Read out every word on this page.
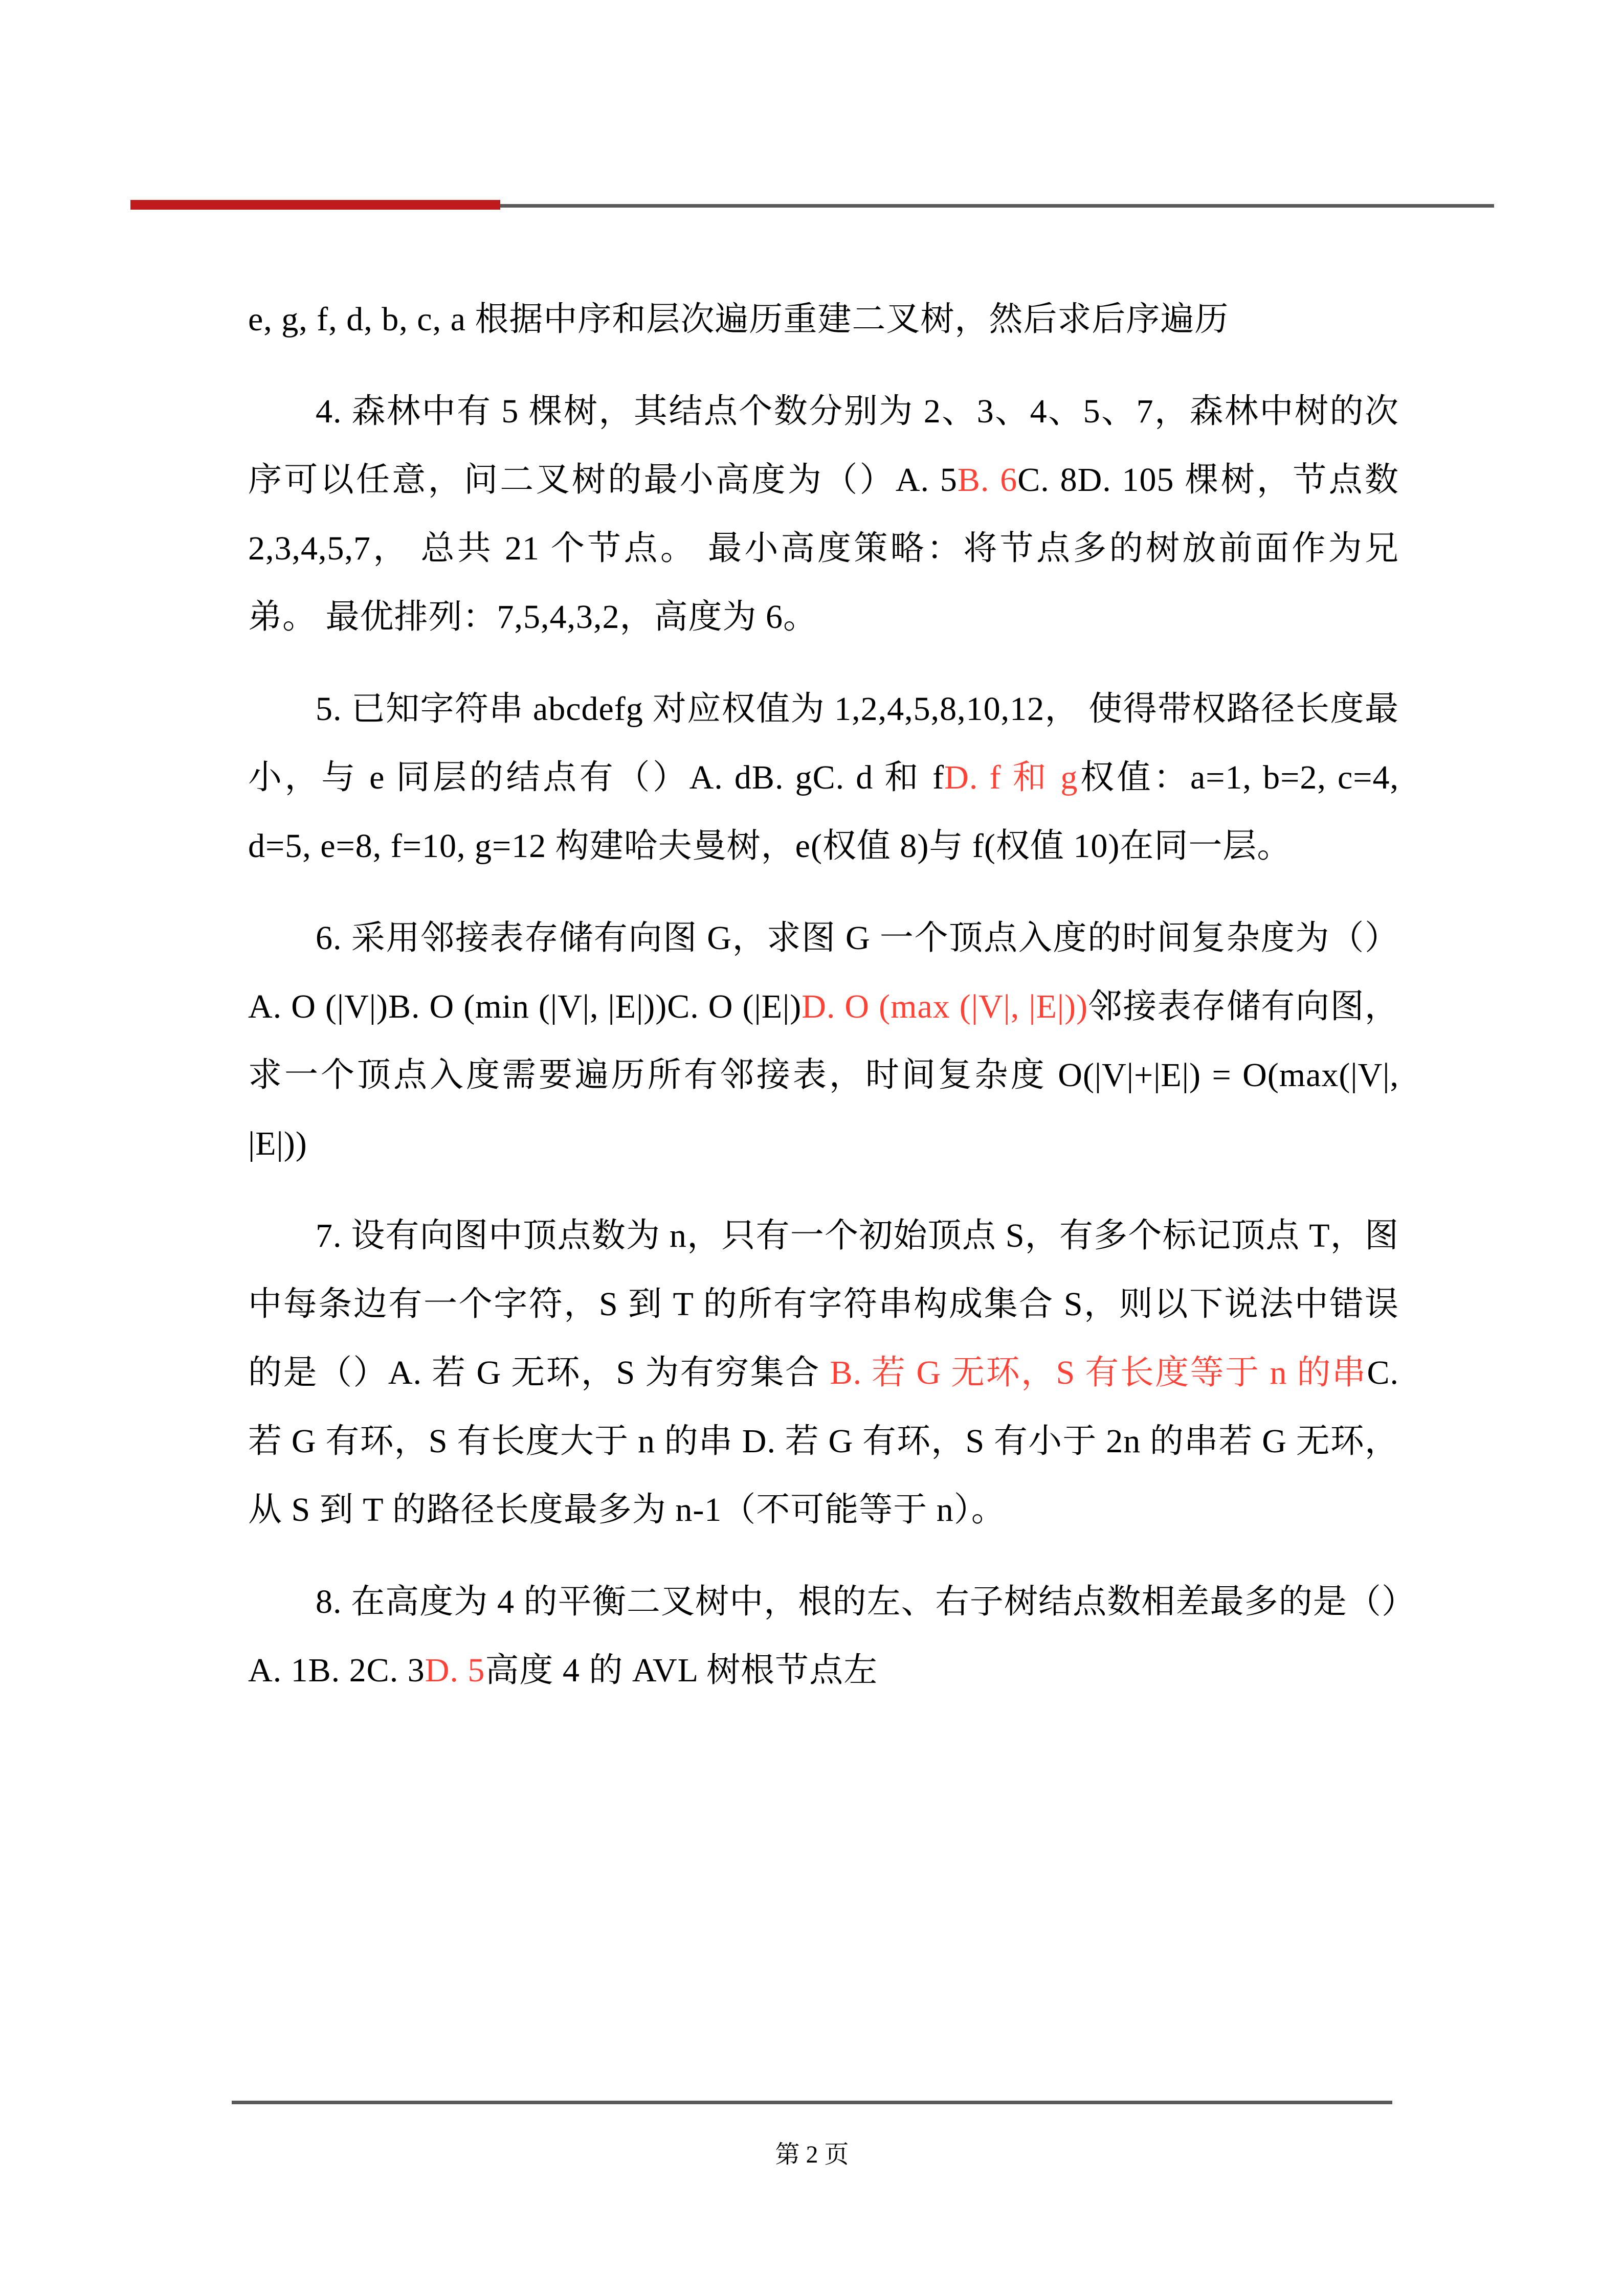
e, g, f, d, b, c, a 根据中序和层次遍历重建二叉树，然后求后序遍历

4. 森林中有 5 棵树，其结点个数分别为 2、3、4、5、7，森林中树的次序可以任意，问二叉树的最小高度为（）A. 5B. 6C. 8D. 105 棵树，节点数 2,3,4,5,7， 总共 21 个节点。 最小高度策略：将节点多的树放前面作为兄弟。 最优排列：7,5,4,3,2，高度为 6。

5. 已知字符串 abcdefg 对应权值为 1,2,4,5,8,10,12， 使得带权路径长度最小，与 e 同层的结点有（）A. dB. gC. d 和 fD. f 和 g权值：a=1, b=2, c=4, d=5, e=8, f=10, g=12 构建哈夫曼树，e(权值 8)与 f(权值 10)在同一层。

6. 采用邻接表存储有向图 G，求图 G 一个顶点入度的时间复杂度为（）A. O (|V|)B. O (min (|V|, |E|))C. O (|E|)D. O (max (|V|, |E|))邻接表存储有向图，求一个顶点入度需要遍历所有邻接表，时间复杂度 O(|V|+|E|) = O(max(|V|, |E|))

7. 设有向图中顶点数为 n，只有一个初始顶点 S，有多个标记顶点 T，图中每条边有一个字符，S 到 T 的所有字符串构成集合 S，则以下说法中错误的是（）A. 若 G 无环，S 为有穷集合 B. 若 G 无环，S 有长度等于 n 的串C. 若 G 有环，S 有长度大于 n 的串 D. 若 G 有环，S 有小于 2n 的串若 G 无环，从 S 到 T 的路径长度最多为 n-1（不可能等于 n）。

8. 在高度为 4 的平衡二叉树中，根的左、右子树结点数相差最多的是（）A. 1B. 2C. 3D. 5高度 4 的 AVL 树根节点左

第 2 页
